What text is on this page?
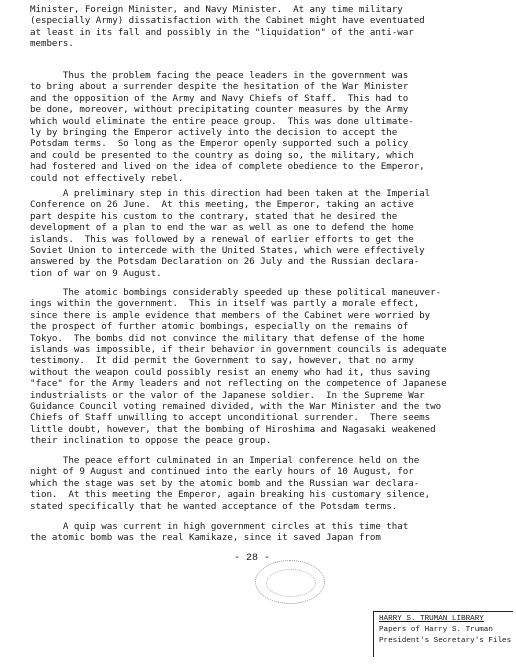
Minister, Foreign Minister, and Navy Minister.  At any time military
(especially Army) dissatisfaction with the Cabinet might have eventuated
at least in its fall and possibly in the "liquidation" of the anti-war
members.
Thus the problem facing the peace leaders in the government was
to bring about a surrender despite the hesitation of the War Minister
and the opposition of the Army and Navy Chiefs of Staff.  This had to
be done, moreover, without precipitating counter measures by the Army
which would eliminate the entire peace group.  This was done ultimate-
ly by bringing the Emperor actively into the decision to accept the
Potsdam terms.  So long as the Emperor openly supported such a policy
and could be presented to the country as doing so, the military, which
had fostered and lived on the idea of complete obedience to the Emperor,
could not effectively rebel.
A preliminary step in this direction had been taken at the Imperial
Conference on 26 June.  At this meeting, the Emperor, taking an active
part despite his custom to the contrary, stated that he desired the
development of a plan to end the war as well as one to defend the home
islands.  This was followed by a renewal of earlier efforts to get the
Soviet Union to intercede with the United States, which were effectively
answered by the Potsdam Declaration on 26 July and the Russian declara-
tion of war on 9 August.
The atomic bombings considerably speeded up these political maneuver-
ings within the government.  This in itself was partly a morale effect,
since there is ample evidence that members of the Cabinet were worried by
the prospect of further atomic bombings, especially on the remains of
Tokyo.  The bombs did not convince the military that defense of the home
islands was impossible, if their behavior in government councils is adequate
testimony.  It did permit the Government to say, however, that no army
without the weapon could possibly resist an enemy who had it, thus saving
"face" for the Army leaders and not reflecting on the competence of Japanese
industrialists or the valor of the Japanese soldier.  In the Supreme War
Guidance Council voting remained divided, with the War Minister and the two
Chiefs of Staff unwilling to accept unconditional surrender.  There seems
little doubt, however, that the bombing of Hiroshima and Nagasaki weakened
their inclination to oppose the peace group.
The peace effort culminated in an Imperial conference held on the
night of 9 August and continued into the early hours of 10 August, for
which the stage was set by the atomic bomb and the Russian war declara-
tion.  At this meeting the Emperor, again breaking his customary silence,
stated specifically that he wanted acceptance of the Potsdam terms.
A quip was current in high government circles at this time that
the atomic bomb was the real Kamikaze, since it saved Japan from
- 28 -
HARRY S. TRUMAN LIBRARY
Papers of Harry S. Truman
President's Secretary's Files
